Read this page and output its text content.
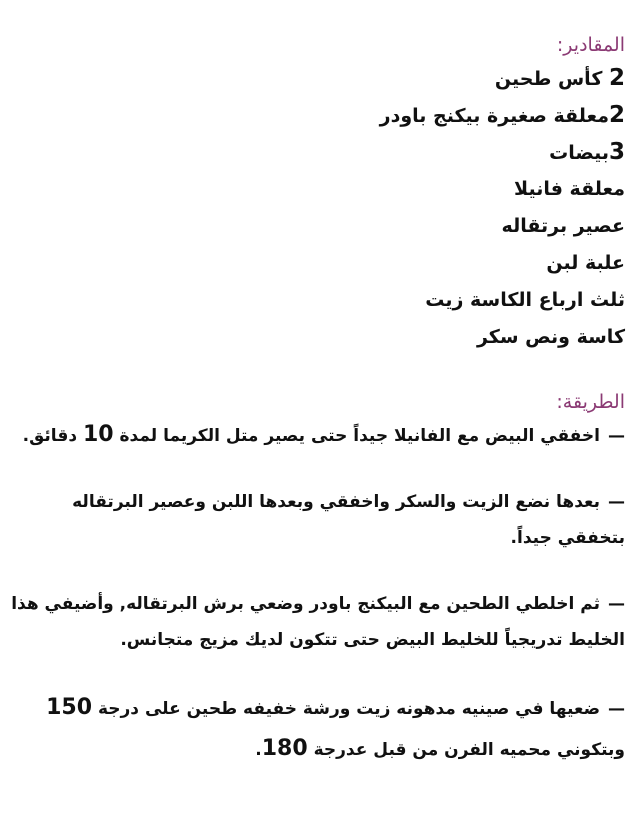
المقادير:
2 كأس طحين
2معلقة صغيرة بيكنج باودر
3بيضات
معلقة فانيلا
عصير برتقاله
علبة لبن
ثلث ارباع الكاسة زيت
كاسة ونص سكر
الطريقة:
—اخفقي البيض مع الفانيلا جيداً حتى يصير متل الكريما لمدة 10 دقائق.
—بعدها نضع الزيت والسكر واخفقي وبعدها اللبن وعصير البرتقاله بتخفقي جيداً.
—ثم اخلطي الطحين مع البيكنج باودر وضعي برش البرتقاله, وأضيفي هذا الخليط تدريجياً للخليط البيض حتى تتكون لديك مزيج متجانس.
—ضعيها في صينيه مدهونه زيت ورشة خفيفه طحين على درجة 150 وبتكوني محميه الفرن من قبل عدرجة 180.
